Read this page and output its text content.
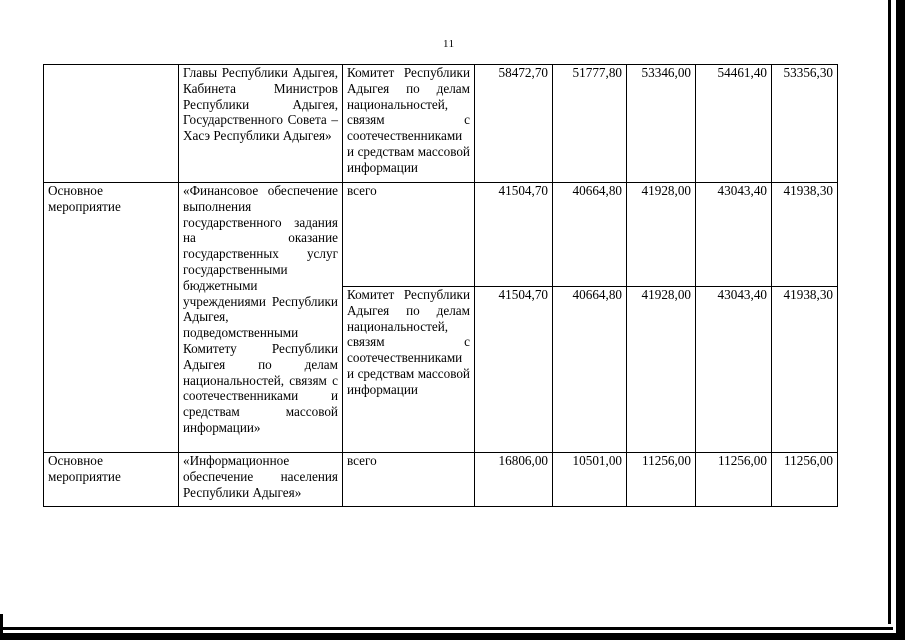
11
	Главы Республики Адыгея, Кабинета Министров Республики Адыгея, Государственного Совета – Хасэ Республики Адыгея»	Комитет Республики Адыгея по делам национальностей, связям с соотечественниками и средствам массовой информации	58472,70	51777,80	53346,00	54461,40	53356,30
Основное мероприятие	«Финансовое обеспечение выполнения государственного задания на оказание государственных услуг государственными бюджетными учреждениями Республики Адыгея, подведомственными Комитету Республики Адыгея по делам национальностей, связям с соотечественниками и средствам массовой информации»	всего	41504,70	40664,80	41928,00	43043,40	41938,30
		Комитет Республики Адыгея по делам национальностей, связям с соотечественниками и средствам массовой информации	41504,70	40664,80	41928,00	43043,40	41938,30
Основное мероприятие	«Информационное обеспечение населения Республики Адыгея»	всего	16806,00	10501,00	11256,00	11256,00	11256,00
